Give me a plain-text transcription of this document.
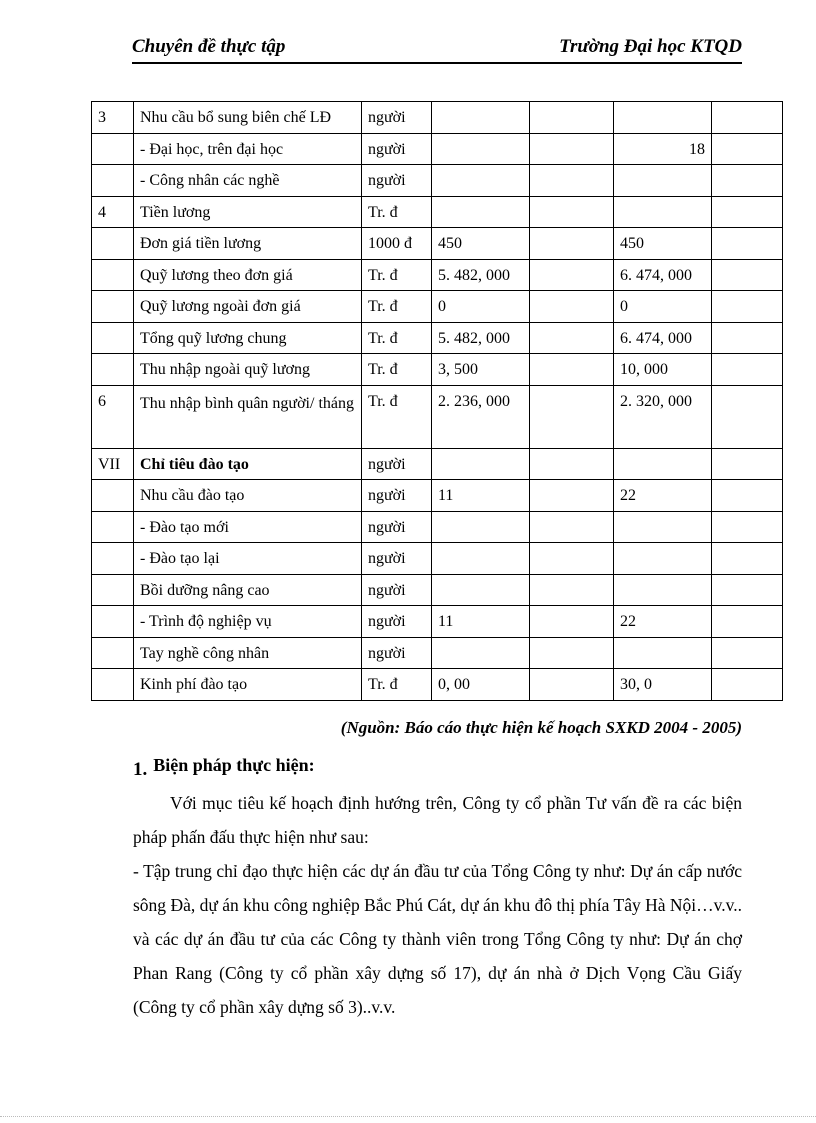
Chuyên đề thực tập	Trường Đại học KTQD
3	Nhu cầu bổ sung biên chế LĐ	người				
	- Đại học, trên đại học	người			18	
	- Công nhân các nghề	người				
4	Tiền lương	Tr. đ				
	Đơn giá tiền lương	1000 đ	450		450	
	Quỹ lương theo đơn giá	Tr. đ	5. 482, 000		6. 474, 000	
	Quỹ lương ngoài đơn giá	Tr. đ	0		0	
	Tổng quỹ lương chung	Tr. đ	5. 482, 000		6. 474, 000	
	Thu nhập ngoài quỹ lương	Tr. đ	3, 500		10, 000	
6	Thu nhập bình quân người/ tháng	Tr. đ	2. 236, 000		2. 320, 000	
VII	Chỉ tiêu đào tạo	người				
	Nhu cầu đào tạo	người	11		22	
	- Đào tạo mới	người				
	- Đào tạo lại	người				
	Bồi dưỡng nâng cao	người				
	- Trình độ nghiệp vụ	người	11		22	
	Tay nghề công nhân	người				
	Kinh phí đào tạo	Tr. đ	0, 00		30, 0	
(Nguồn: Báo cáo thực hiện kế hoạch SXKD 2004 - 2005)
1. Biện pháp thực hiện:

Với mục tiêu kế hoạch định hướng trên, Công ty cổ phần Tư vấn đề ra các biện pháp phấn đấu thực hiện như sau:

- Tập trung chỉ đạo thực hiện các dự án đầu tư của Tổng Công ty như: Dự án cấp nước sông Đà, dự án khu công nghiệp Bắc Phú Cát, dự án khu đô thị phía Tây Hà Nội…v.v.. và các dự án đầu tư của các Công ty thành viên trong Tổng Công ty như: Dự án chợ Phan Rang (Công ty cổ phần xây dựng số 17), dự án nhà ở Dịch Vọng Cầu Giấy (Công ty cổ phần xây dựng số 3)..v.v.
